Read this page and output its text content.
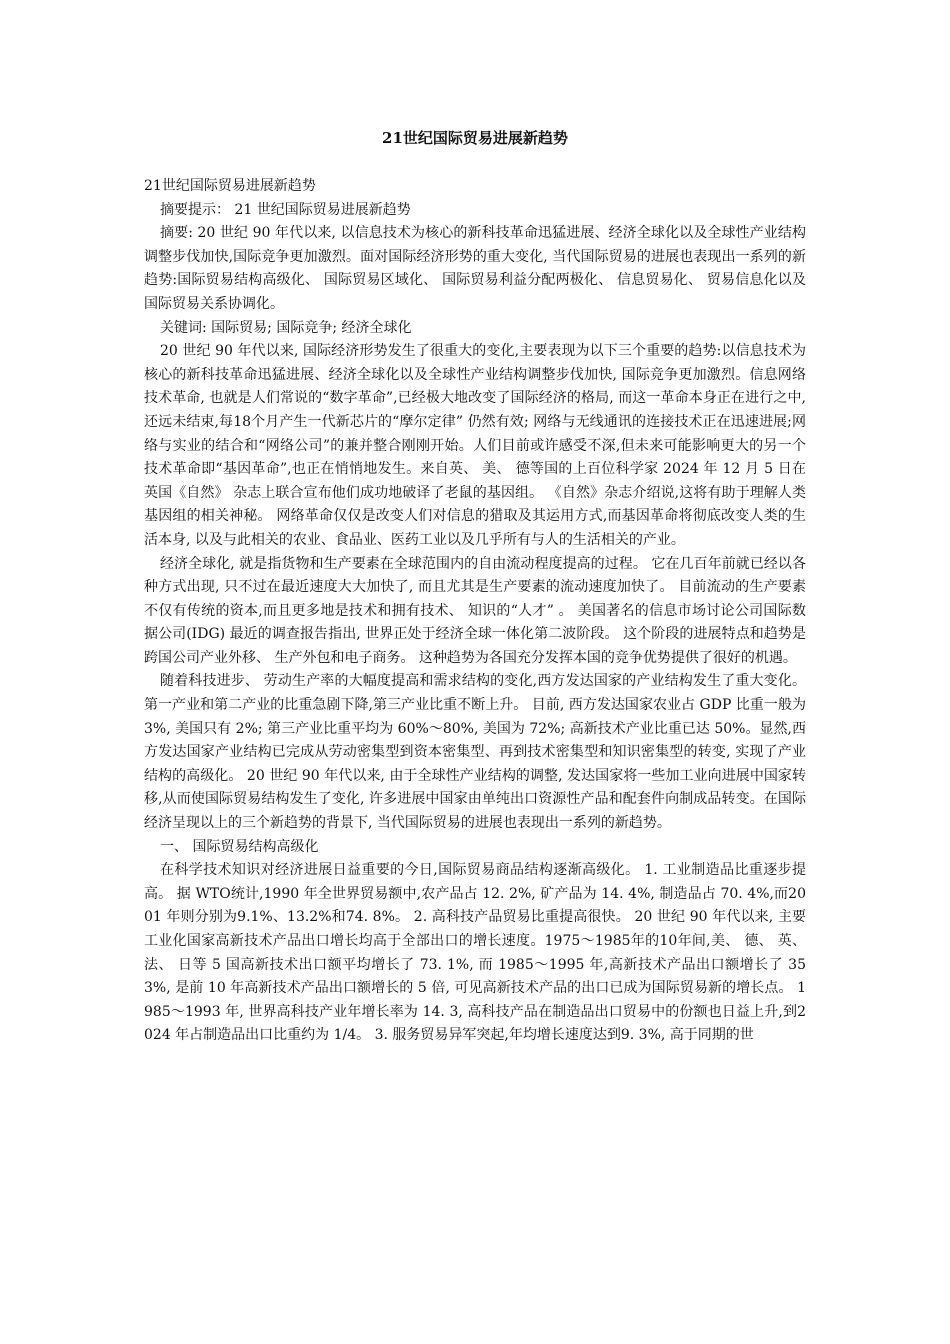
21世纪国际贸易进展新趋势

21世纪国际贸易进展新趋势

摘要提示： 21 世纪国际贸易进展新趋势

摘要: 20 世纪 90 年代以来, 以信息技术为核心的新科技革命迅猛进展、经济全球化以及全球性产业结构调整步伐加快,国际竞争更加激烈。面对国际经济形势的重大变化, 当代国际贸易的进展也表现出一系列的新趋势:国际贸易结构高级化、 国际贸易区域化、 国际贸易利益分配两极化、 信息贸易化、 贸易信息化以及国际贸易关系协调化。

关键词: 国际贸易; 国际竞争; 经济全球化

20 世纪 90 年代以来, 国际经济形势发生了很重大的变化,主要表现为以下三个重要的趋势:以信息技术为核心的新科技革命迅猛进展、经济全球化以及全球性产业结构调整步伐加快, 国际竞争更加激烈。信息网络技术革命, 也就是人们常说的“数字革命”,已经极大地改变了国际经济的格局, 而这一革命本身正在进行之中,还远未结束,每18个月产生一代新芯片的“摩尔定律” 仍然有效; 网络与无线通讯的连接技术正在迅速进展;网络与实业的结合和“网络公司”的兼并整合刚刚开始。人们目前或许感受不深,但未来可能影响更大的另一个技术革命即“基因革命”,也正在悄悄地发生。来自英、 美、 德等国的上百位科学家 2024 年 12 月 5 日在英国《自然》 杂志上联合宣布他们成功地破译了老鼠的基因组。 《自然》杂志介绍说,这将有助于理解人类基因组的相关神秘。 网络革命仅仅是改变人们对信息的猎取及其运用方式,而基因革命将彻底改变人类的生活本身, 以及与此相关的农业、食品业、医药工业以及几乎所有与人的生活相关的产业。

经济全球化, 就是指货物和生产要素在全球范围内的自由流动程度提高的过程。 它在几百年前就已经以各种方式出现, 只不过在最近速度大大加快了, 而且尤其是生产要素的流动速度加快了。 目前流动的生产要素不仅有传统的资本,而且更多地是技术和拥有技术、 知识的“人才” 。 美国著名的信息市场讨论公司国际数据公司(IDG) 最近的调查报告指出, 世界正处于经济全球一体化第二波阶段。 这个阶段的进展特点和趋势是跨国公司产业外移、 生产外包和电子商务。 这种趋势为各国充分发挥本国的竞争优势提供了很好的机遇。

随着科技进步、 劳动生产率的大幅度提高和需求结构的变化,西方发达国家的产业结构发生了重大变化。 第一产业和第二产业的比重急剧下降,第三产业比重不断上升。 目前, 西方发达国家农业占 GDP 比重一般为 3%, 美国只有 2%; 第三产业比重平均为 60%～80%, 美国为 72%; 高新技术产业比重已达 50%。显然,西方发达国家产业结构已完成从劳动密集型到资本密集型、再到技术密集型和知识密集型的转变, 实现了产业结构的高级化。 20 世纪 90 年代以来, 由于全球性产业结构的调整, 发达国家将一些加工业向进展中国家转移,从而使国际贸易结构发生了变化, 许多进展中国家由单纯出口资源性产品和配套件向制成品转变。在国际经济呈现以上的三个新趋势的背景下, 当代国际贸易的进展也表现出一系列的新趋势。

一、 国际贸易结构高级化

在科学技术知识对经济进展日益重要的今日,国际贸易商品结构逐渐高级化。 1. 工业制造品比重逐步提高。 据 WTO统计,1990 年全世界贸易额中,农产品占 12. 2%, 矿产品为 14. 4%, 制造品占 70. 4%,而2001 年则分别为9.1%、13.2%和74. 8%。 2. 高科技产品贸易比重提高很快。 20 世纪 90 年代以来, 主要工业化国家高新技术产品出口增长均高于全部出口的增长速度。1975～1985年的10年间,美、 德、 英、 法、 日等 5 国高新技术出口额平均增长了 73. 1%, 而 1985～1995 年,高新技术产品出口额增长了 353%, 是前 10 年高新技术产品出口额增长的 5 倍, 可见高新技术产品的出口已成为国际贸易新的增长点。 1985～1993 年, 世界高科技产业年增长率为 14. 3, 高科技产品在制造品出口贸易中的份额也日益上升,到2024 年占制造品出口比重约为 1/4。 3. 服务贸易异军突起,年均增长速度达到9. 3%, 高于同期的世
